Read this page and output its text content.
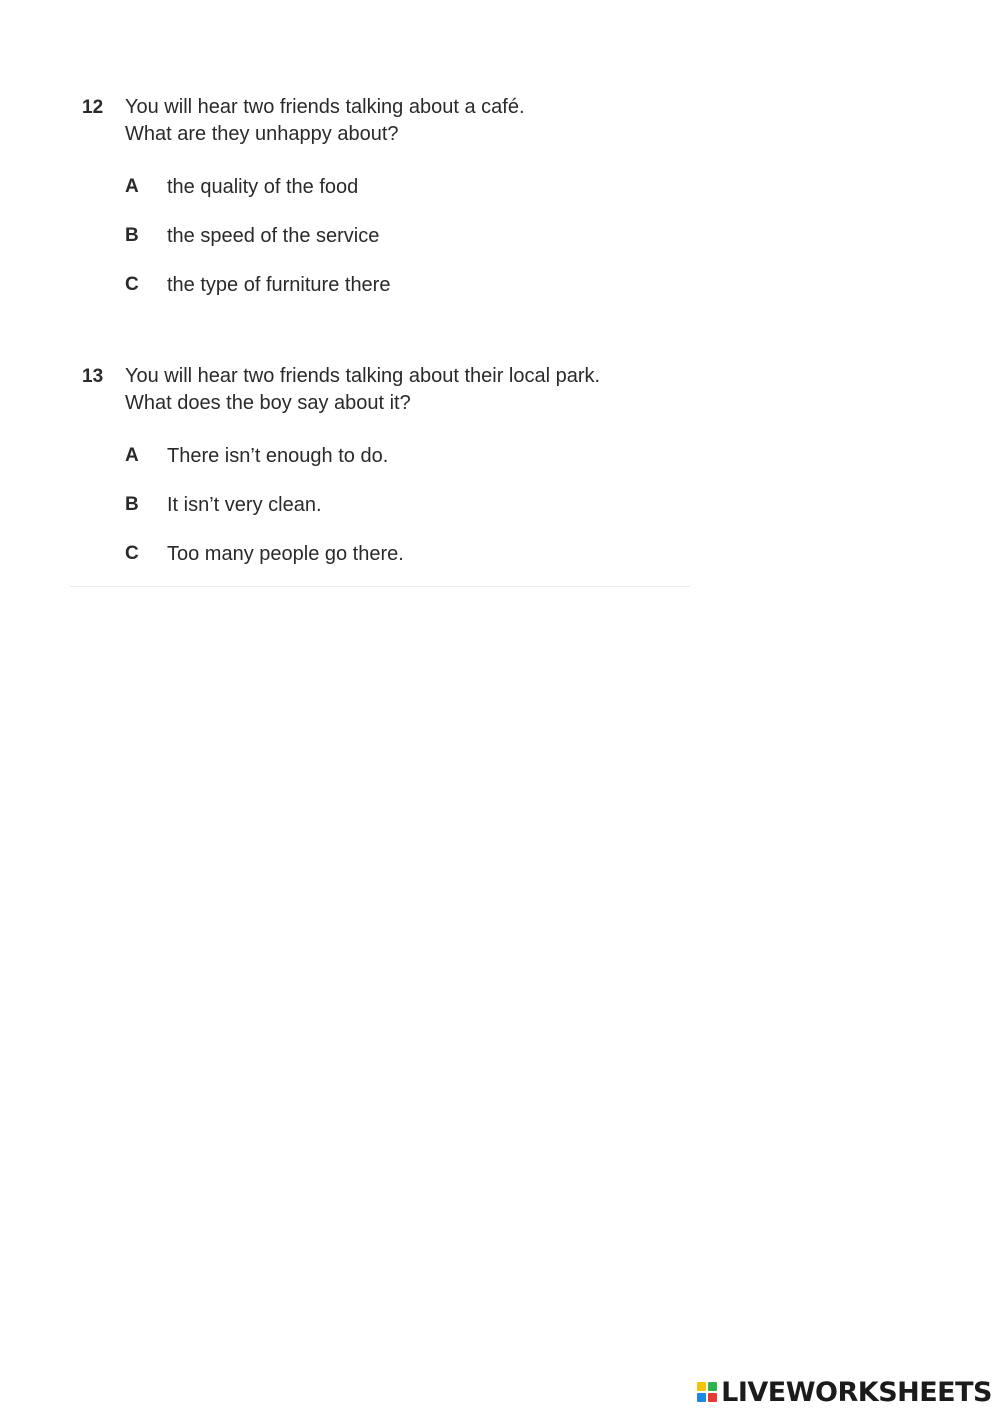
12 You will hear two friends talking about a café.
What are they unhappy about?
A the quality of the food
B the speed of the service
C the type of furniture there
13 You will hear two friends talking about their local park.
What does the boy say about it?
A There isn’t enough to do.
B It isn’t very clean.
C Too many people go there.
LIVEWORKSHEETS
